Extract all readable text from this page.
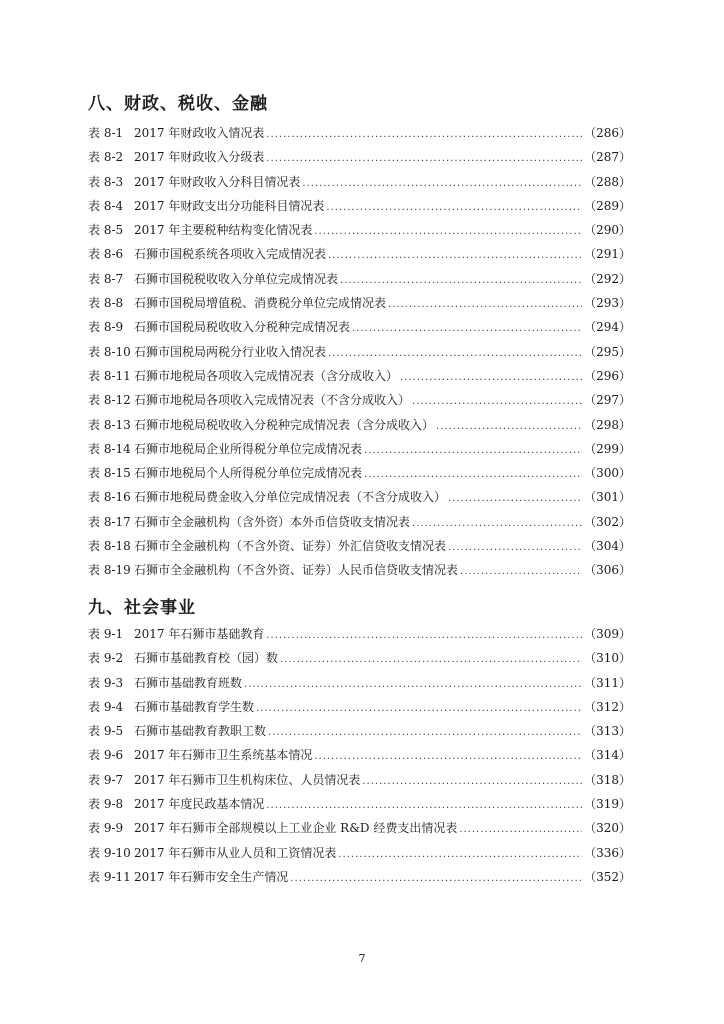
八、财政、税收、金融
表 8-1 2017 年财政收入情况表 .....	（286）
表 8-2 2017 年财政收入分级表 .....	（287）
表 8-3 2017 年财政收入分科目情况表 .....	（288）
表 8-4 2017 年财政支出分功能科目情况表 .....	（289）
表 8-5 2017 年主要税种结构变化情况表 .....	（290）
表 8-6 石狮市国税系统各项收入完成情况表 .....	（291）
表 8-7 石狮市国税税收收入分单位完成情况表 .....	（292）
表 8-8 石狮市国税局增值税、消费税分单位完成情况表 .....	（293）
表 8-9 石狮市国税局税收收入分税种完成情况表 .....	（294）
表 8-10 石狮市国税局两税分行业收入情况表 .....	（295）
表 8-11 石狮市地税局各项收入完成情况表（含分成收入） .....	（296）
表 8-12 石狮市地税局各项收入完成情况表（不含分成收入） .....	（297）
表 8-13 石狮市地税局税收收入分税种完成情况表（含分成收入） .....	（298）
表 8-14 石狮市地税局企业所得税分单位完成情况表 .....	（299）
表 8-15 石狮市地税局个人所得税分单位完成情况表 .....	（300）
表 8-16 石狮市地税局费金收入分单位完成情况表（不含分成收入） .....	（301）
表 8-17 石狮市全金融机构（含外资）本外币信贷收支情况表 .....	（302）
表 8-18 石狮市全金融机构（不含外资、证券）外汇信贷收支情况表 .....	（304）
表 8-19 石狮市全金融机构（不含外资、证券）人民币信贷收支情况表 .....	（306）
九、社会事业
表 9-1 2017 年石狮市基础教育 .....	（309）
表 9-2 石狮市基础教育校（园）数 .....	（310）
表 9-3 石狮市基础教育班数 .....	（311）
表 9-4 石狮市基础教育学生数 .....	（312）
表 9-5 石狮市基础教育教职工数 .....	（313）
表 9-6 2017 年石狮市卫生系统基本情况 .....	（314）
表 9-7 2017 年石狮市卫生机构床位、人员情况表 .....	（318）
表 9-8 2017 年度民政基本情况 .....	（319）
表 9-9 2017 年石狮市全部规模以上工业企业 R&D 经费支出情况表 .....	（320）
表 9-10 2017 年石狮市从业人员和工资情况表 .....	（336）
表 9-11 2017 年石狮市安全生产情况 .....	（352）
7
